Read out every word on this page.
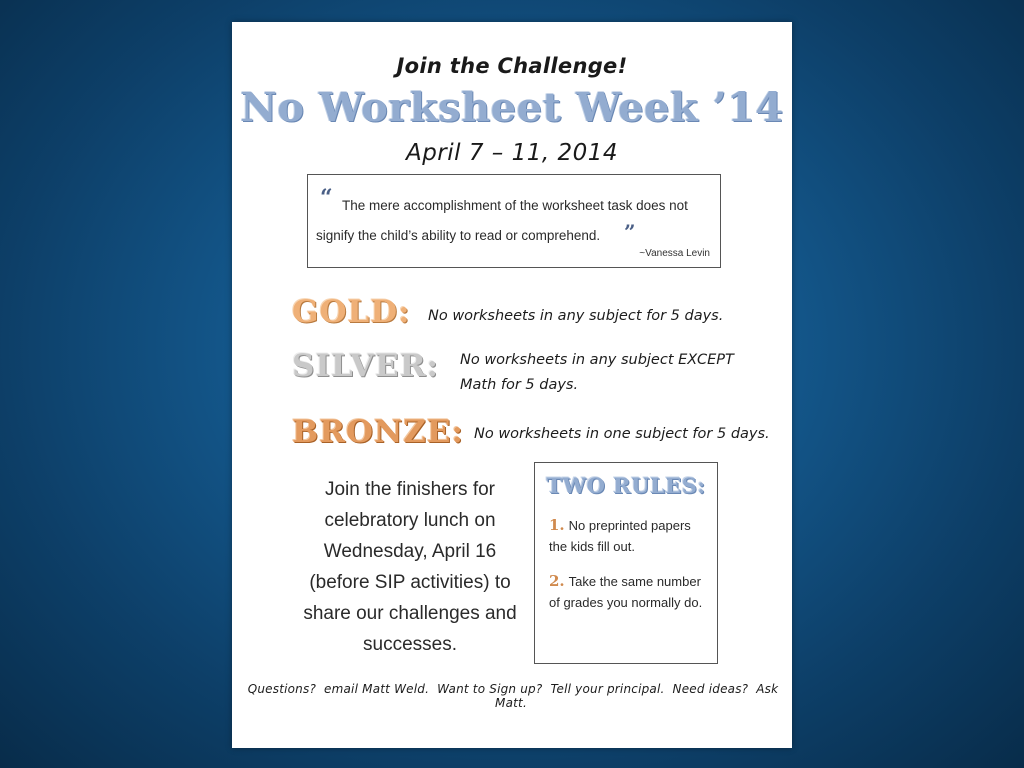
Join the Challenge!
No Worksheet Week ’14
April 7 – 11, 2014
“ The mere accomplishment of the worksheet task does not signify the child’s ability to read or comprehend.	”
~Vanessa Levin
GOLD: No worksheets in any subject for 5 days.
SILVER: No worksheets in any subject EXCEPT Math for 5 days.
BRONZE: No worksheets in one subject for 5 days.
Join the finishers for celebratory lunch on Wednesday, April 16 (before SIP activities) to share our challenges and successes.
TWO RULES:
1. No preprinted papers the kids fill out.
2. Take the same number of grades you normally do.
Questions? email Matt Weld. Want to Sign up? Tell your principal. Need ideas? Ask Matt.
